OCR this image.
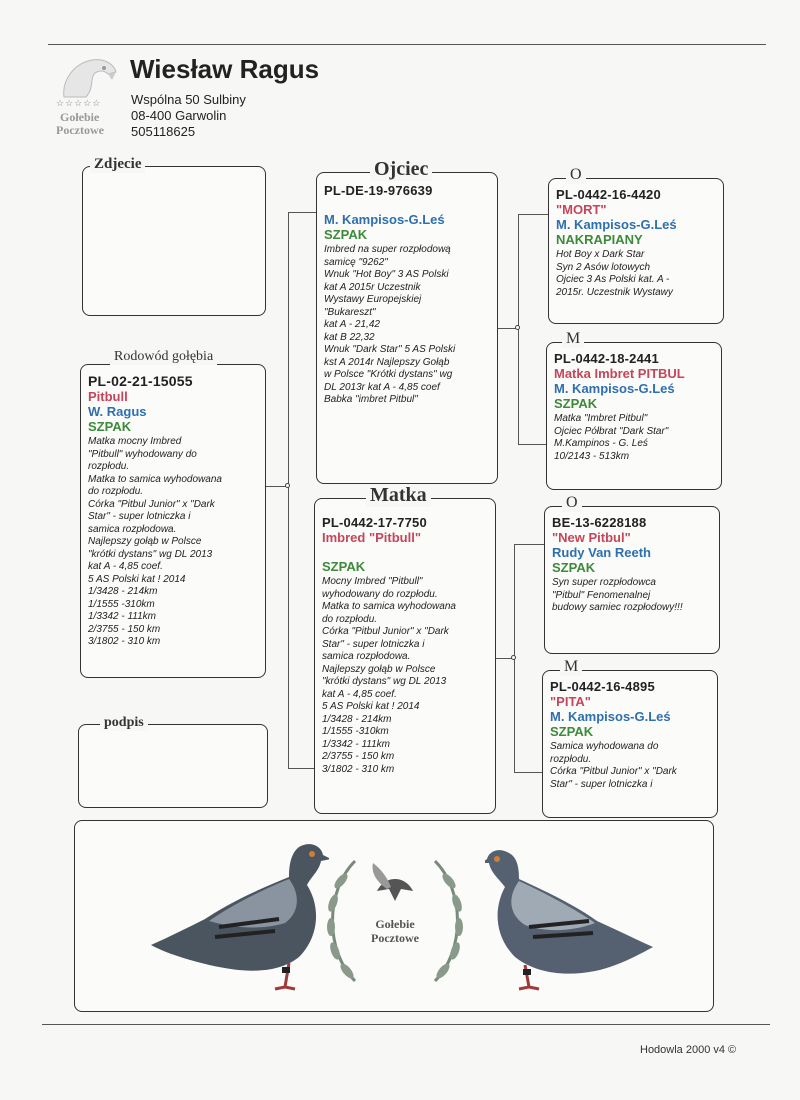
☆☆☆☆☆
Gołebie
Pocztowe
Wiesław Ragus
Wspólna 50 Sulbiny
08-400 Garwolin
505118625
Zdjecie
PL-02-21-15055
Pitbull
W. Ragus
SZPAK
Matka mocny Imbred
"Pitbull" wyhodowany do
rozpłodu.
Matka to samica wyhodowana
do rozpłodu.
Córka "Pitbul Junior" x "Dark
Star" - super lotniczka i
samica rozpłodowa.
Najlepszy gołąb w Polsce
"krótki dystans" wg DL 2013
kat A - 4,85 coef.
5 AS Polski kat ! 2014
1/3428 - 214km
1/1555 -310km
1/3342 - 111km
2/3755 - 150 km
3/1802 - 310 km
Rodowód gołębia
podpis
PL-DE-19-976639
M. Kampisos-G.Leś
SZPAK
Imbred na super rozpłodową
samicę "9262"
Wnuk "Hot Boy" 3 AS Polski
kat A 2015r Uczestnik
Wystawy Europejskiej
"Bukareszt"
kat A - 21,42
kat B 22,32
Wnuk "Dark Star" 5 AS Polski
kst A 2014r Najlepszy Gołąb
w Polsce "Krótki dystans" wg
DL 2013r kat A - 4,85 coef
Babka "imbret Pitbul"
Ojciec
PL-0442-17-7750
Imbred "Pitbull"
SZPAK
Mocny Imbred "Pitbull"
wyhodowany do rozpłodu.
Matka to samica wyhodowana
do rozpłodu.
Córka "Pitbul Junior" x "Dark
Star" - super lotniczka i
samica rozpłodowa.
Najlepszy gołąb w Polsce
"krótki dystans" wg DL 2013
kat A - 4,85 coef.
5 AS Polski kat ! 2014
1/3428 - 214km
1/1555 -310km
1/3342 - 111km
2/3755 - 150 km
3/1802 - 310 km
Matka
PL-0442-16-4420
"MORT"
M. Kampisos-G.Leś
NAKRAPIANY
Hot Boy x Dark Star
Syn 2 Asów lotowych
Ojciec 3 As Polski kat. A -
2015r. Uczestnik Wystawy
O
PL-0442-18-2441
Matka Imbret PITBUL
M. Kampisos-G.Leś
SZPAK
Matka "Imbret Pitbul"
Ojciec Półbrat "Dark Star"
M.Kampinos - G. Leś
10/2143 - 513km
M
BE-13-6228188
"New Pitbul"
Rudy Van Reeth
SZPAK
Syn super rozpłodowca
"Pitbul" Fenomenalnej
budowy samiec rozpłodowy!!!
O
PL-0442-16-4895
"PITA"
M. Kampisos-G.Leś
SZPAK
Samica wyhodowana do
rozpłodu.
Córka "Pitbul Junior" x "Dark
Star" - super lotniczka i
M
Gołebie
Pocztowe
Hodowla 2000 v4 ©
